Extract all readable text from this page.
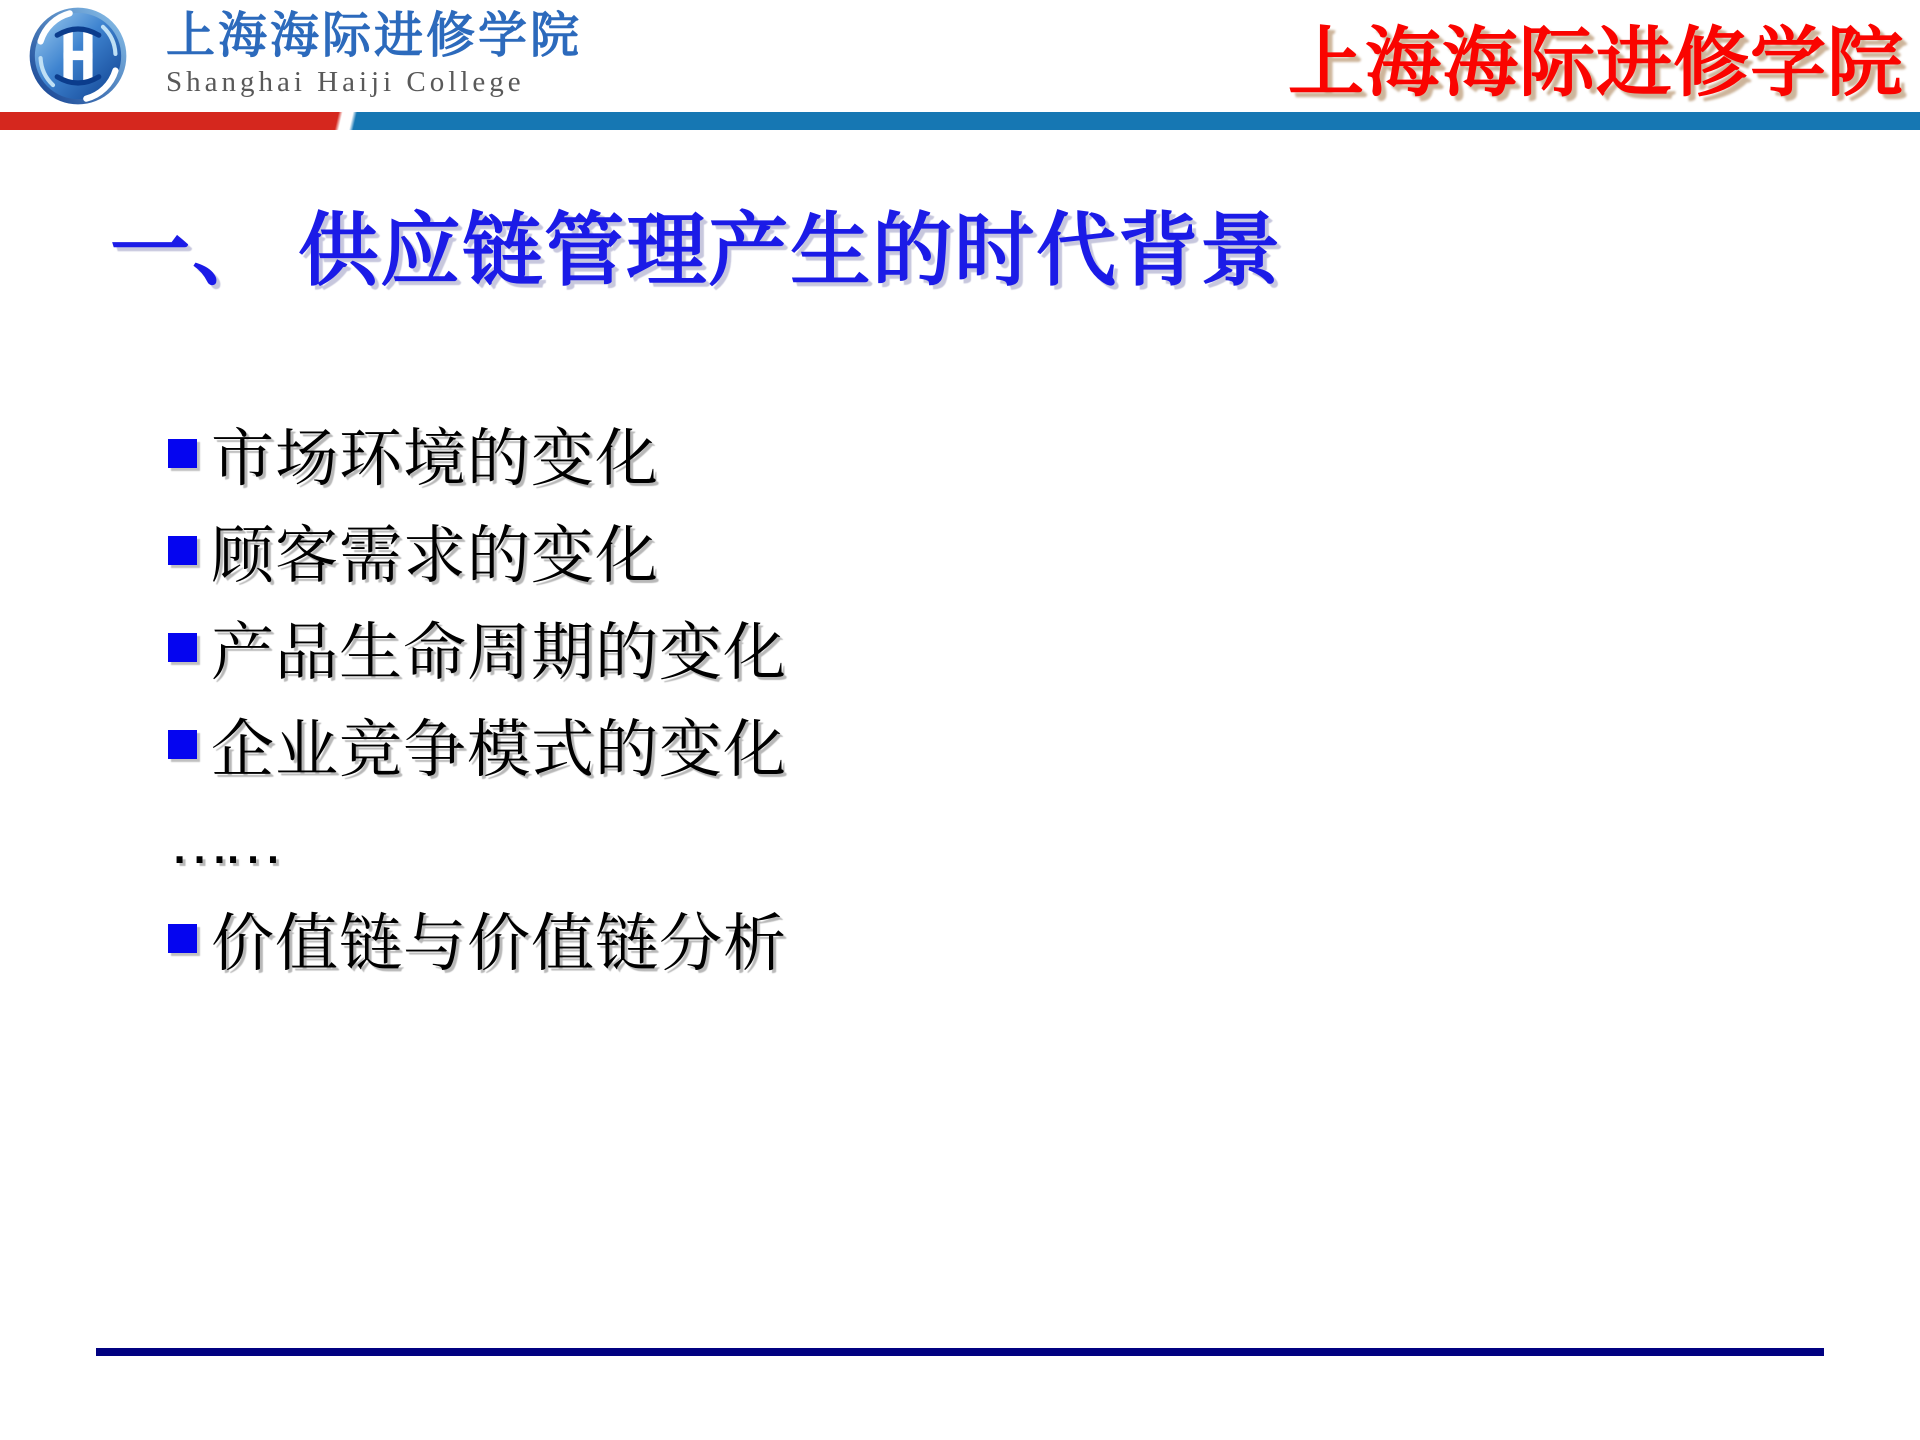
上海海际进修学院
Shanghai Haiji College	上海海际进修学院
一、 供应链管理产生的时代背景
市场环境的变化
顾客需求的变化
产品生命周期的变化
企业竞争模式的变化
……
价值链与价值链分析
